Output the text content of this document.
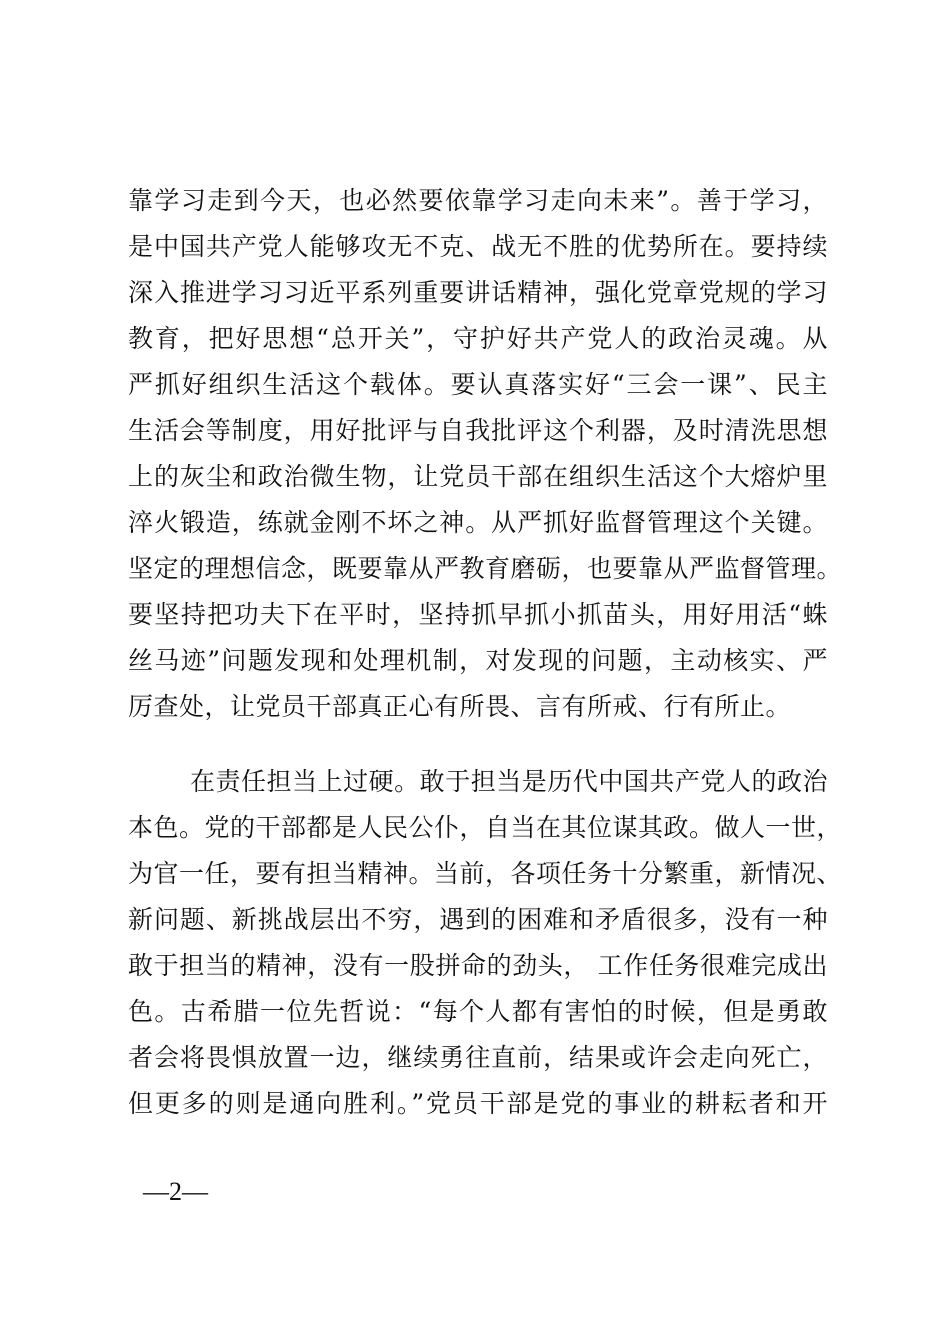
靠学习走到今天，也必然要依靠学习走向未来”。善于学习，
是中国共产党人能够攻无不克、战无不胜的优势所在。要持续
深入推进学习习近平系列重要讲话精神，强化党章党规的学习
教育，把好思想“总开关”，守护好共产党人的政治灵魂。从
严抓好组织生活这个载体。要认真落实好“三会一课”、民主
生活会等制度，用好批评与自我批评这个利器，及时清洗思想
上的灰尘和政治微生物，让党员干部在组织生活这个大熔炉里
淬火锻造，练就金刚不坏之神。从严抓好监督管理这个关键。
坚定的理想信念，既要靠从严教育磨砺，也要靠从严监督管理。
要坚持把功夫下在平时，坚持抓早抓小抓苗头，用好用活“蛛
丝马迹”问题发现和处理机制，对发现的问题，主动核实、严
厉查处，让党员干部真正心有所畏、言有所戒、行有所止。
在责任担当上过硬。敢于担当是历代中国共产党人的政治
本色。党的干部都是人民公仆，自当在其位谋其政。做人一世，
为官一任，要有担当精神。当前，各项任务十分繁重，新情况、
新问题、新挑战层出不穷，遇到的困难和矛盾很多，没有一种
敢于担当的精神，没有一股拼命的劲头， 工作任务很难完成出
色。古希腊一位先哲说：“每个人都有害怕的时候，但是勇敢
者会将畏惧放置一边，继续勇往直前，结果或许会走向死亡，
但更多的则是通向胜利。”党员干部是党的事业的耕耘者和开
—2—
